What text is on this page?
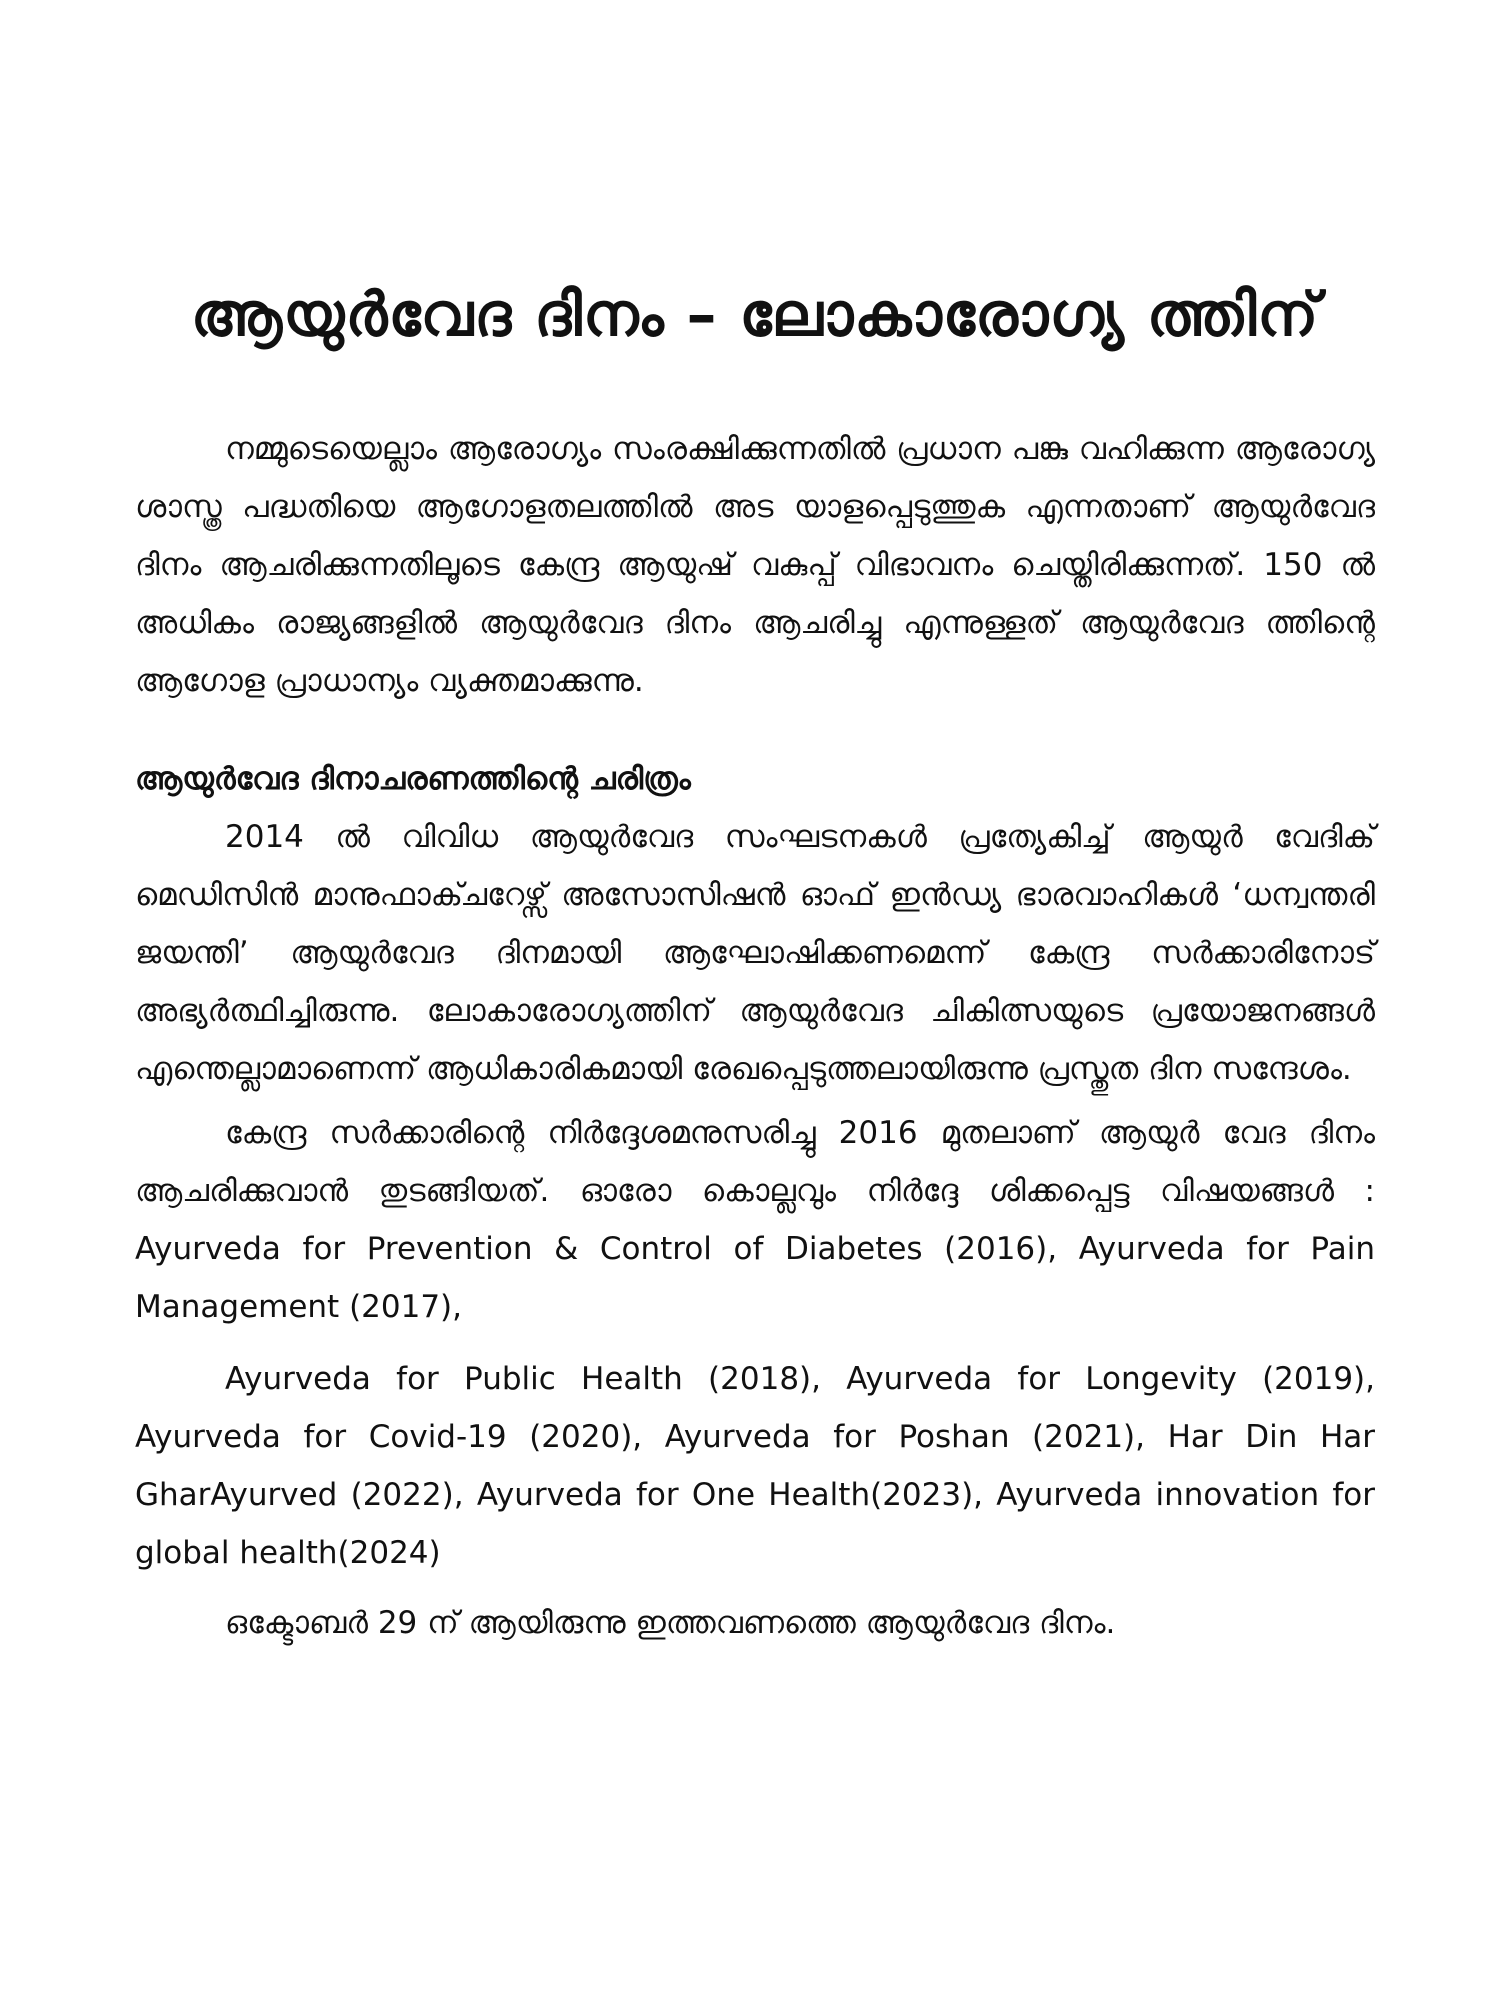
ആയുർവേദ ദിനം – ലോകാരോഗ്യ ത്തിന്

നമ്മുടെയെല്ലാം ആരോഗ്യം സംരക്ഷിക്കുന്നതിൽ പ്രധാന പങ്കു വഹിക്കുന്ന ആരോഗ്യ ശാസ്ത്ര പദ്ധതിയെ ആഗോളതലത്തിൽ അട യാളപ്പെടുത്തുക എന്നതാണ് ആയുർവേദ ദിനം ആചരിക്കുന്നതിലൂടെ കേന്ദ്ര ആയുഷ് വകുപ്പ് വിഭാവനം ചെയ്തിരിക്കുന്നത്. 150 ൽ അധികം രാജ്യങ്ങളിൽ ആയുർവേദ ദിനം ആചരിച്ചു എന്നുള്ളത് ആയുർവേദ ത്തിന്റെ ആഗോള പ്രാധാന്യം വ്യക്തമാക്കുന്നു.

ആയുർവേദ ദിനാചരണത്തിന്റെ ചരിത്രം

2014 ൽ വിവിധ ആയുർവേദ സംഘടനകൾ പ്രത്യേകിച്ച് ആയുർ വേദിക് മെഡിസിൻ മാനുഫാക്ചറേഴ്സ് അസോസിഷൻ ഓഫ് ഇൻഡ്യ ഭാരവാഹികൾ ‘ധന്വന്തരി ജയന്തി’ ആയുർവേദ ദിനമായി ആഘോഷിക്കണമെന്ന് കേന്ദ്ര സർക്കാരിനോട് അഭ്യർത്ഥിച്ചിരുന്നു. ലോകാരോഗ്യത്തിന് ആയുർവേദ ചികിത്സയുടെ പ്രയോജനങ്ങൾ എന്തെല്ലാമാണെന്ന് ആധികാരികമായി രേഖപ്പെടുത്തലായിരുന്നു പ്രസ്തുത ദിന സന്ദേശം.

കേന്ദ്ര സർക്കാരിന്റെ നിർദ്ദേശമനുസരിച്ചു 2016 മുതലാണ് ആയുർ വേദ ദിനം ആചരിക്കുവാൻ തുടങ്ങിയത്. ഓരോ കൊല്ലവും നിർദ്ദേ ശിക്കപ്പെട്ട വിഷയങ്ങൾ : Ayurveda for Prevention & Control of Diabetes (2016), Ayurveda for Pain Management (2017),

Ayurveda for Public Health (2018), Ayurveda for Longevity (2019), Ayurveda for Covid-19 (2020), Ayurveda for Poshan (2021), Har Din Har GharAyurved (2022), Ayurveda for One Health(2023), Ayurveda innovation for global health(2024)

ഒക്ടോബർ 29 ന് ആയിരുന്നു ഇത്തവണത്തെ ആയുർവേദ ദിനം.
